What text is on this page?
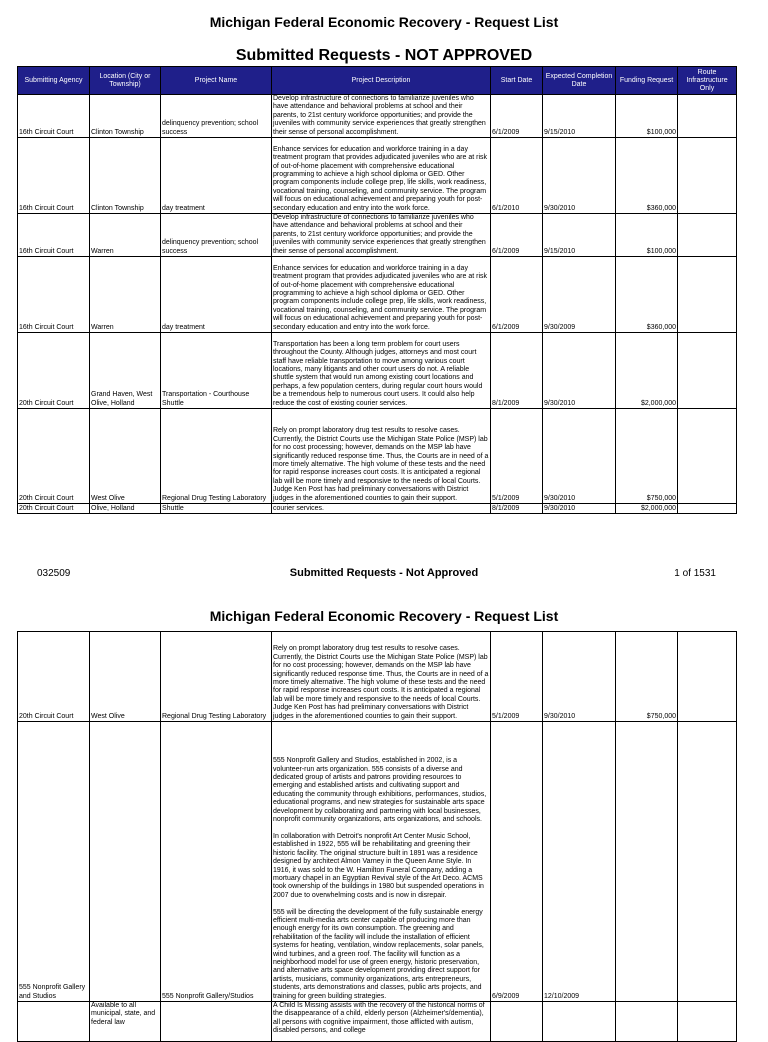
Michigan Federal Economic Recovery - Request List
Submitted Requests - NOT APPROVED
Submitting Agency	Location (City or Township)	Project Name	Project Description	Start Date	Expected Completion Date	Funding Request	Route Infrastructure Only
16th Circuit Court	Clinton Township	delinquency prevention; school success	Develop infrastructure of connections to familiarize juveniles who have attendance and behavioral problems at school and their parents, to 21st century workforce opportunities; and provide the juveniles with community service experiences that greatly strengthen their sense of personal accomplishment.	6/1/2009	9/15/2010	$100,000	
16th Circuit Court	Clinton Township	day treatment	Enhance services for education and workforce training in a day treatment program that provides adjudicated juveniles who are at risk of out-of-home placement with comprehensive educational programming to achieve a high school diploma or GED. Other program components include college prep, life skills, work readiness, vocational training, counseling, and community service. The program will focus on educational achievement and preparing youth for post-secondary education and entry into the work force.	6/1/2010	9/30/2010	$360,000	
16th Circuit Court	Warren	delinquency prevention; school success	Develop infrastructure of connections to familiarize juveniles who have attendance and behavioral problems at school and their parents, to 21st century workforce opportunities; and provide the juveniles with community service experiences that greatly strengthen their sense of personal accomplishment.	6/1/2009	9/15/2010	$100,000	
16th Circuit Court	Warren	day treatment	Enhance services for education and workforce training in a day treatment program that provides adjudicated juveniles who are at risk of out-of-home placement with comprehensive educational programming to achieve a high school diploma or GED. Other program components include college prep, life skills, work readiness, vocational training, counseling, and community service. The program will focus on educational achievement and preparing youth for post-secondary education and entry into the work force.	6/1/2009	9/30/2009	$360,000	
20th Circuit Court	Grand Haven, West Olive, Holland	Transportation - Courthouse Shuttle	Transportation has been a long term problem for court users throughout the County. Although judges, attorneys and most court staff have reliable transportation to move among various court locations, many litigants and other court users do not. A reliable shuttle system that would run among existing court locations and perhaps, a few population centers, during regular court hours would be a tremendous help to numerous court users. It could also help reduce the cost of existing courier services.	8/1/2009	9/30/2010	$2,000,000	
20th Circuit Court	West Olive	Regional Drug Testing Laboratory	Rely on prompt laboratory drug test results to resolve cases. Currently, the District Courts use the Michigan State Police (MSP) lab for no cost processing; however, demands on the MSP lab have significantly reduced response time. Thus, the Courts are in need of a more timely alternative. The high volume of these tests and the need for rapid response increases court costs. It is anticipated a regional lab will be more timely and responsive to the needs of local Courts. Judge Ken Post has had preliminary conversations with District judges in the aforementioned counties to gain their support.	5/1/2009	9/30/2010	$750,000	
20th Circuit Court	Olive, Holland	Shuttle	courier services.	8/1/2009	9/30/2010	$2,000,000	
032509	Submitted Requests - Not Approved	1 of 1531
Michigan Federal Economic Recovery - Request List
20th Circuit Court	West Olive	Regional Drug Testing Laboratory	Rely on prompt laboratory drug test results to resolve cases. Currently, the District Courts use the Michigan State Police (MSP) lab for no cost processing; however, demands on the MSP lab have significantly reduced response time. Thus, the Courts are in need of a more timely alternative. The high volume of these tests and the need for rapid response increases court costs. It is anticipated a regional lab will be more timely and responsive to the needs of local Courts. Judge Ken Post has had preliminary conversations with District judges in the aforementioned counties to gain their support.	5/1/2009	9/30/2010	$750,000	
555 Nonprofit Gallery and Studios		555 Nonprofit Gallery/Studios	555 Nonprofit Gallery and Studios, established in 2002, is a volunteer-run arts organization. 555 consists of a diverse and dedicated group of artists and patrons providing resources to emerging and established artists and cultivating support and educating the community through exhibitions, performances, studios, educational programs, and new strategies for sustainable arts space development by collaborating and partnering with local businesses, nonprofit community organizations, arts organizations, and schools.

In collaboration with Detroit's nonprofit Art Center Music School, established in 1922, 555 will be rehabilitating and greening their historic facility. The original structure built in 1891 was a residence designed by architect Almon Varney in the Queen Anne Style. In 1916, it was sold to the W. Hamilton Funeral Company, adding a mortuary chapel in an Egyptian Revival style of the Art Deco. ACMS took ownership of the buildings in 1980 but suspended operations in 2007 due to overwhelming costs and is now in disrepair.

555 will be directing the development of the fully sustainable energy efficient multi-media arts center capable of producing more than enough energy for its own consumption. The greening and rehabilitation of the facility will include the installation of efficient systems for heating, ventilation, window replacements, solar panels, wind turbines, and a green roof. The facility will function as a neighborhood model for use of green energy, historic preservation, and alternative arts space development providing direct support for artists, musicians, community organizations, arts entrepreneurs, students, arts demonstrations and classes, public arts projects, and training for green building strategies.	6/9/2009	12/10/2009		
	Available to all municipal, state, and federal law		A Child Is Missing assists with the recovery of the historical norms of the disappearance of a child, elderly person (Alzheimer's/dementia), all persons with cognitive impairment, those afflicted with autism, disabled persons, and college				
